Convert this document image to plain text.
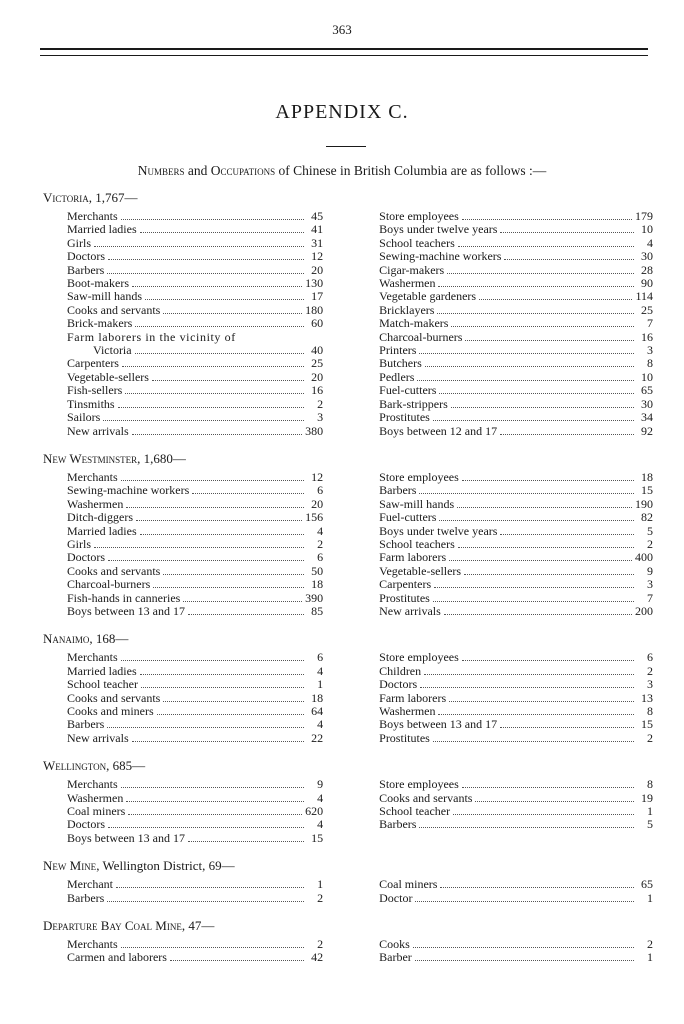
363
APPENDIX C.
Numbers and Occupations of Chinese in British Columbia are as follows :—
Victoria, 1,767—
Merchants	45
Married ladies	41
Girls	31
Doctors	12
Barbers	20
Boot-makers	130
Saw-mill hands	17
Cooks and servants	180
Brick-makers	60
Farm laborers in the vicinity of
Victoria	40
Carpenters	25
Vegetable-sellers	20
Fish-sellers	16
Tinsmiths	2
Sailors	3
New arrivals	380
Store employees	179
Boys under twelve years	10
School teachers	4
Sewing-machine workers	30
Cigar-makers	28
Washermen	90
Vegetable gardeners	114
Bricklayers	25
Match-makers	7
Charcoal-burners	16
Printers	3
Butchers	8
Pedlers	10
Fuel-cutters	65
Bark-strippers	30
Prostitutes	34
Boys between 12 and 17	92
New Westminster, 1,680—
Merchants	12
Sewing-machine workers	6
Washermen	20
Ditch-diggers	156
Married ladies	4
Girls	2
Doctors	6
Cooks and servants	50
Charcoal-burners	18
Fish-hands in canneries	390
Boys between 13 and 17	85
Store employees	18
Barbers	15
Saw-mill hands	190
Fuel-cutters	82
Boys under twelve years	5
School teachers	2
Farm laborers	400
Vegetable-sellers	9
Carpenters	3
Prostitutes	7
New arrivals	200
Nanaimo, 168—
Merchants	6
Married ladies	4
School teacher	1
Cooks and servants	18
Cooks and miners	64
Barbers	4
New arrivals	22
Store employees	6
Children	2
Doctors	3
Farm laborers	13
Washermen	8
Boys between 13 and 17	15
Prostitutes	2
Wellington, 685—
Merchants	9
Washermen	4
Coal miners	620
Doctors	4
Boys between 13 and 17	15
Store employees	8
Cooks and servants	19
School teacher	1
Barbers	5
New Mine, Wellington District, 69—
Merchant	1
Barbers	2
Coal miners	65
Doctor	1
Departure Bay Coal Mine, 47—
Merchants	2
Carmen and laborers	42
Cooks	2
Barber	1
